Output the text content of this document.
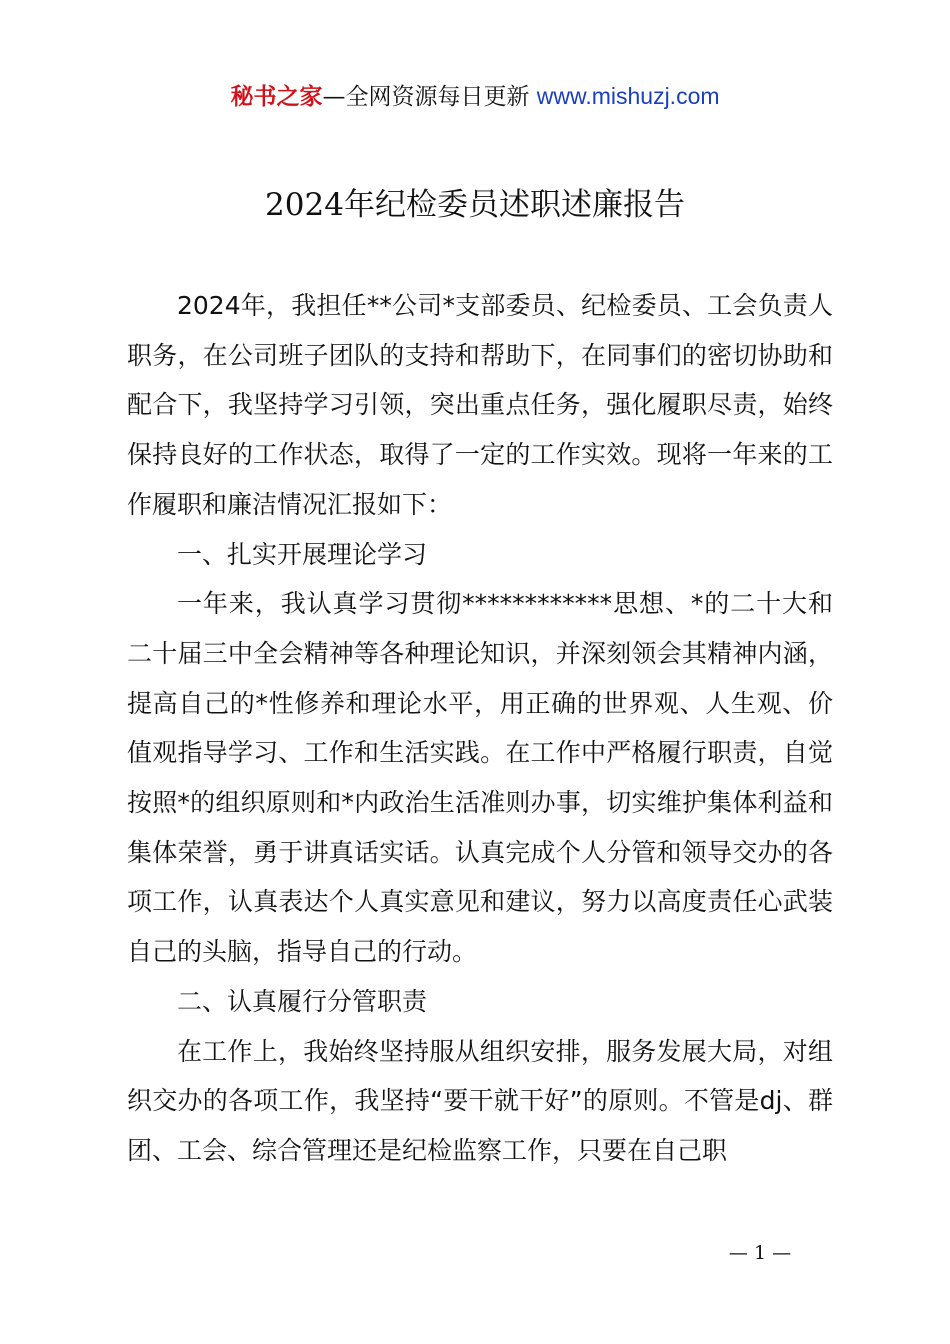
秘书之家—全网资源每日更新 www.mishuzj.com
2024年纪检委员述职述廉报告

2024年，我担任**公司*支部委员、纪检委员、工会负责人职务，在公司班子团队的支持和帮助下，在同事们的密切协助和配合下，我坚持学习引领，突出重点任务，强化履职尽责，始终保持良好的工作状态，取得了一定的工作实效。现将一年来的工作履职和廉洁情况汇报如下：

一、扎实开展理论学习

一年来，我认真学习贯彻************思想、*的二十大和二十届三中全会精神等各种理论知识，并深刻领会其精神内涵，提高自己的*性修养和理论水平，用正确的世界观、人生观、价值观指导学习、工作和生活实践。在工作中严格履行职责，自觉按照*的组织原则和*内政治生活准则办事，切实维护集体利益和集体荣誉，勇于讲真话实话。认真完成个人分管和领导交办的各项工作，认真表达个人真实意见和建议，努力以高度责任心武装自己的头脑，指导自己的行动。

二、认真履行分管职责

在工作上，我始终坚持服从组织安排，服务发展大局，对组织交办的各项工作，我坚持“要干就干好”的原则。不管是dj、群团、工会、综合管理还是纪检监察工作，只要在自己职

— 1 —
